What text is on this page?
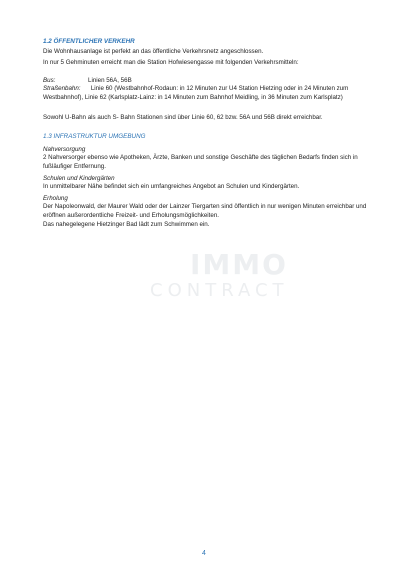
1.2 ÖFFENTLICHER VERKEHR

Die Wohnhausanlage ist perfekt an das öffentliche Verkehrsnetz angeschlossen.

In nur 5 Gehminuten erreicht man die Station Hofwiesengasse mit folgenden Verkehrsmitteln:

Bus:	Linien 56A, 56B

Straßenbahn: Linie 60 (Westbahnhof-Rodaun: in 12 Minuten zur U4 Station Hietzing oder in 24 Minuten zum Westbahnhof), Linie 62 (Karlsplatz-Lainz: in 14 Minuten zum Bahnhof Meidling, in 36 Minuten zum Karlsplatz)

Sowohl U-Bahn als auch S- Bahn Stationen sind über Linie 60, 62 bzw. 56A und 56B direkt erreichbar.

1.3 INFRASTRUKTUR UMGEBUNG

Nahversorgung

2 Nahversorger ebenso wie Apotheken, Ärzte, Banken und sonstige Geschäfte des täglichen Bedarfs finden sich in fußläufiger Entfernung.

Schulen und Kindergärten

In unmittelbarer Nähe befindet sich ein umfangreiches Angebot an Schulen und Kindergärten.

Erholung

Der Napoleonwald, der Maurer Wald oder der Lainzer Tiergarten sind öffentlich in nur wenigen Minuten erreichbar und eröffnen außerordentliche Freizeit- und Erholungsmöglichkeiten.

Das nahegelegene Hietzinger Bad lädt zum Schwimmen ein.

IMMO
CONTRACT
4
